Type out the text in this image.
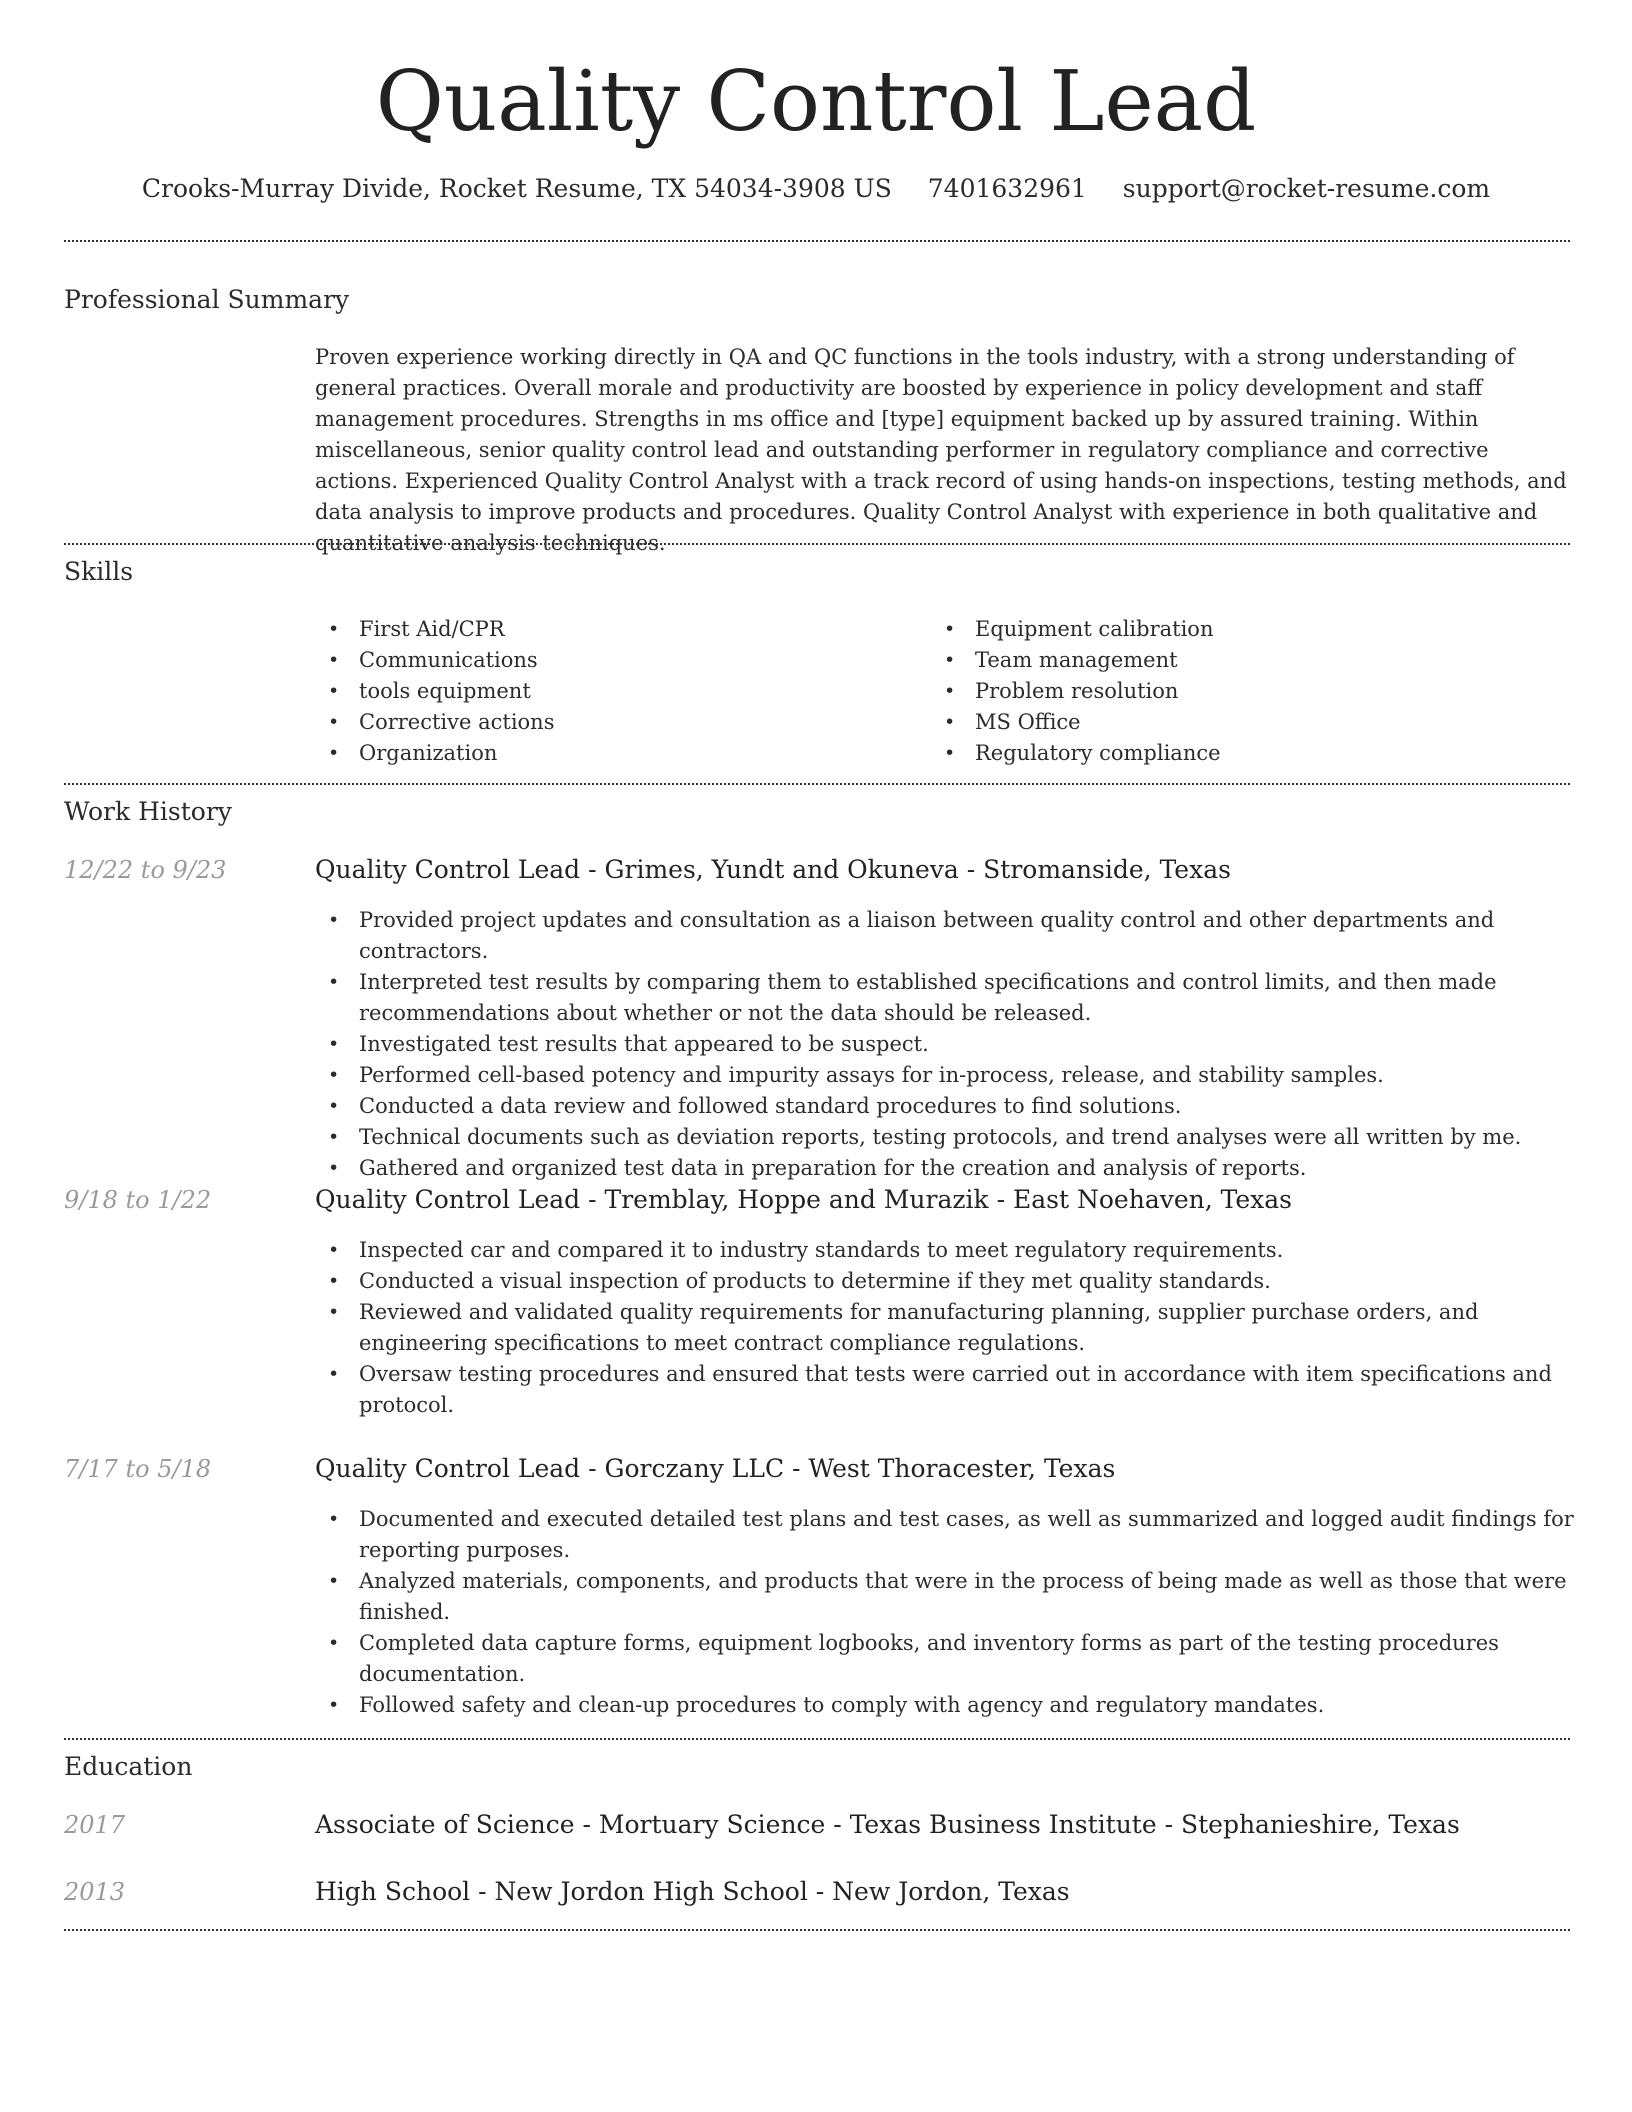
Quality Control Lead
Crooks-Murray Divide, Rocket Resume, TX 54034-3908 US 7401632961 support@rocket-resume.com
Professional Summary

Proven experience working directly in QA and QC functions in the tools industry, with a strong understanding of general practices. Overall morale and productivity are boosted by experience in policy development and staff management procedures. Strengths in ms office and [type] equipment backed up by assured training. Within miscellaneous, senior quality control lead and outstanding performer in regulatory compliance and corrective actions. Experienced Quality Control Analyst with a track record of using hands-on inspections, testing methods, and data analysis to improve products and procedures. Quality Control Analyst with experience in both qualitative and quantitative analysis techniques.

Skills
• First Aid/CPR
• Communications
• tools equipment
• Corrective actions
• Organization
• Equipment calibration
• Team management
• Problem resolution
• MS Office
• Regulatory compliance
Work History
12/22 to 9/23	Quality Control Lead - Grimes, Yundt and Okuneva - Stromanside, Texas
• Provided project updates and consultation as a liaison between quality control and other departments and contractors.
• Interpreted test results by comparing them to established specifications and control limits, and then made recommendations about whether or not the data should be released.
• Investigated test results that appeared to be suspect.
• Performed cell-based potency and impurity assays for in-process, release, and stability samples.
• Conducted a data review and followed standard procedures to find solutions.
• Technical documents such as deviation reports, testing protocols, and trend analyses were all written by me.
• Gathered and organized test data in preparation for the creation and analysis of reports.
9/18 to 1/22	Quality Control Lead - Tremblay, Hoppe and Murazik - East Noehaven, Texas
• Inspected car and compared it to industry standards to meet regulatory requirements.
• Conducted a visual inspection of products to determine if they met quality standards.
• Reviewed and validated quality requirements for manufacturing planning, supplier purchase orders, and engineering specifications to meet contract compliance regulations.
• Oversaw testing procedures and ensured that tests were carried out in accordance with item specifications and protocol.
7/17 to 5/18	Quality Control Lead - Gorczany LLC - West Thoracester, Texas
• Documented and executed detailed test plans and test cases, as well as summarized and logged audit findings for reporting purposes.
• Analyzed materials, components, and products that were in the process of being made as well as those that were finished.
• Completed data capture forms, equipment logbooks, and inventory forms as part of the testing procedures documentation.
• Followed safety and clean-up procedures to comply with agency and regulatory mandates.
Education
2017	Associate of Science - Mortuary Science - Texas Business Institute - Stephanieshire, Texas
2013	High School - New Jordon High School - New Jordon, Texas
